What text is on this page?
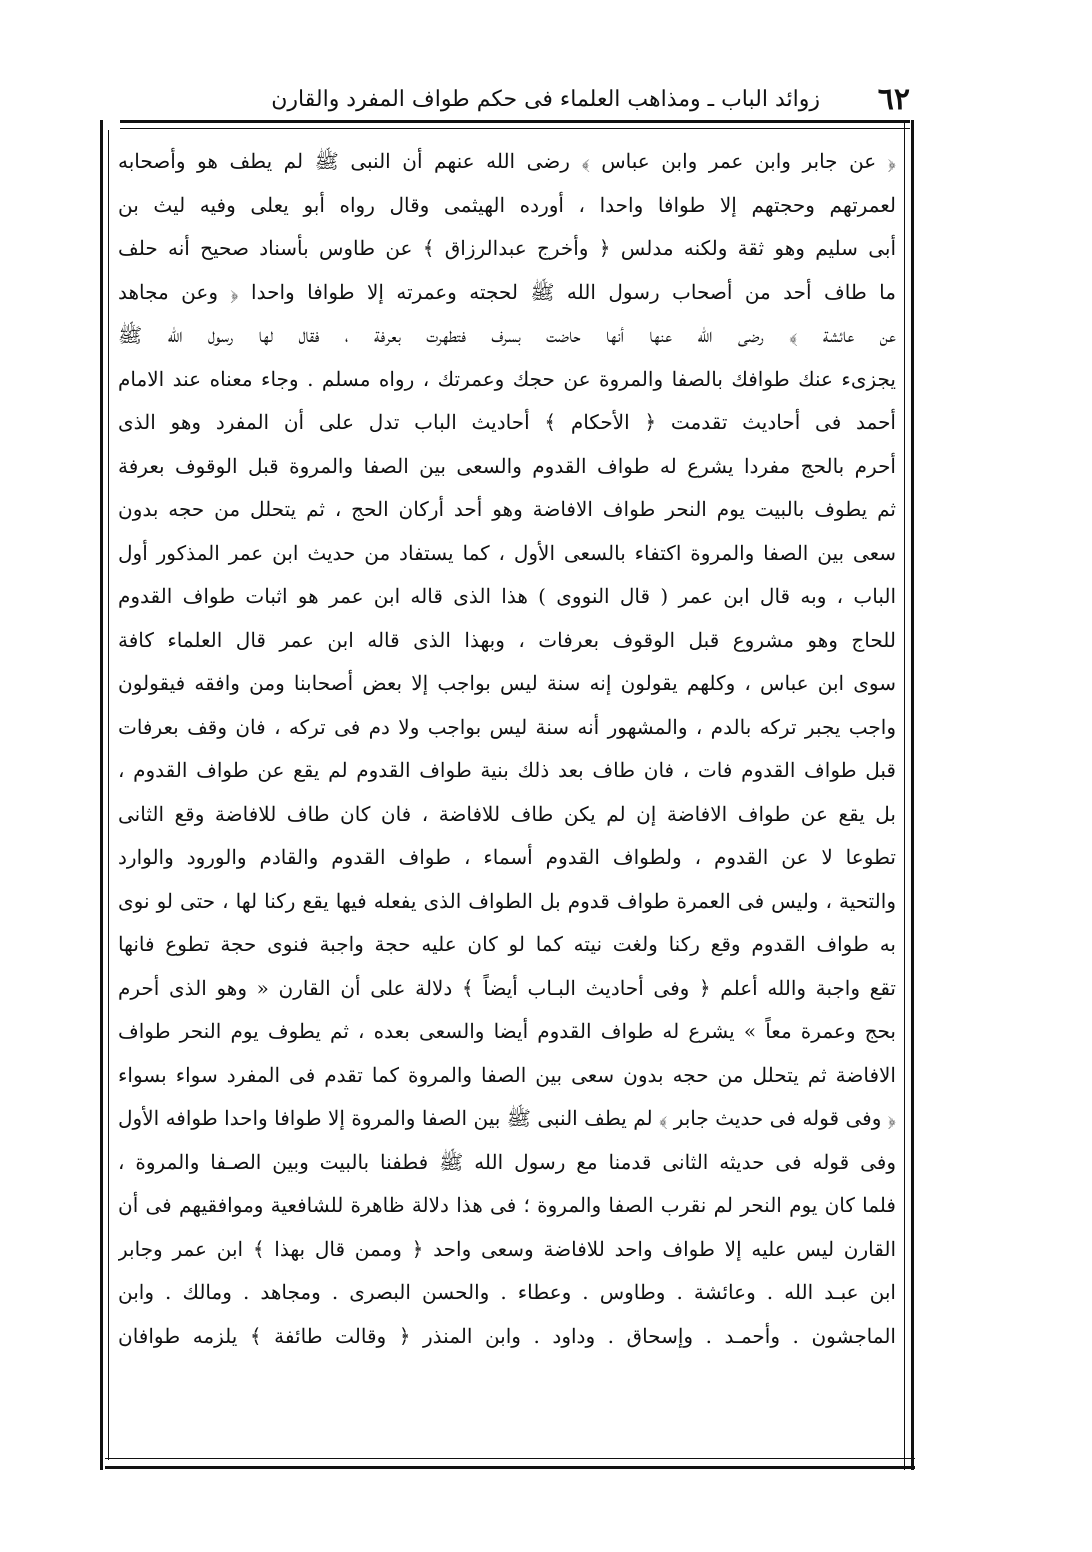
٦٢
زوائد الباب ـ ومذاهب العلماء فى حكم طواف المفرد والقارن
﴿ عن جابر وابن عمر وابن عباس ﴾ رضى الله عنهم أن النبى ﷺ لم يطف هو وأصحابه
لعمرتهم وحجتهم إلا طوافا واحدا ، أورده الهيثمى وقال رواه أبو يعلى وفيه ليث بن
أبى سليم وهو ثقة ولكنه مدلس ﴿ وأخرج عبدالرزاق ﴾ عن طاوس بأسناد صحيح أنه حلف
ما طاف أحد من أصحاب رسول الله ﷺ لحجته وعمرته إلا طوافا واحدا ﴿ وعن مجاهد
عن عائشة ﴾ رضى الله عنها أنها حاضت بسرف فتطهرت بعرفة ، فقال لها رسول الله ﷺ
يجزىء عنك طوافك بالصفا والمروة عن حجك وعمرتك ، رواه مسلم . وجاء معناه عند الامام
أحمد فى أحاديث تقدمت ﴿ الأحكام ﴾ أحاديث الباب تدل على أن المفرد وهو الذى
أحرم بالحج مفردا يشرع له طواف القدوم والسعى بين الصفا والمروة قبل الوقوف بعرفة
ثم يطوف بالبيت يوم النحر طواف الافاضة وهو أحد أركان الحج ، ثم يتحلل من حجه بدون
سعى بين الصفا والمروة اكتفاء بالسعى الأول ، كما يستفاد من حديث ابن عمر المذكور أول
الباب ، وبه قال ابن عمر ( قال النووى ) هذا الذى قاله ابن عمر هو اثبات طواف القدوم
للحاج وهو مشروع قبل الوقوف بعرفات ، وبهذا الذى قاله ابن عمر قال العلماء كافة
سوى ابن عباس ، وكلهم يقولون إنه سنة ليس بواجب إلا بعض أصحابنا ومن وافقه فيقولون
واجب يجبر تركه بالدم ، والمشهور أنه سنة ليس بواجب ولا دم فى تركه ، فان وقف بعرفات
قبل طواف القدوم فات ، فان طاف بعد ذلك بنية طواف القدوم لم يقع عن طواف القدوم ،
بل يقع عن طواف الافاضة إن لم يكن طاف للافاضة ، فان كان طاف للافاضة وقع الثانى
تطوعا لا عن القدوم ، ولطواف القدوم أسماء ، طواف القدوم والقادم والورود والوارد
والتحية ، وليس فى العمرة طواف قدوم بل الطواف الذى يفعله فيها يقع ركنا لها ، حتى لو نوى
به طواف القدوم وقع ركنا ولغت نيته كما لو كان عليه حجة واجبة فنوى حجة تطوع فانها
تقع واجبة والله أعلم ﴿ وفى أحاديث البـاب أيضاً ﴾ دلالة على أن القارن « وهو الذى أحرم
بحج وعمرة معاً » يشرع له طواف القدوم أيضا والسعى بعده ، ثم يطوف يوم النحر طواف
الافاضة ثم يتحلل من حجه بدون سعى بين الصفا والمروة كما تقدم فى المفرد سواء بسواء
﴿ وفى قوله فى حديث جابر ﴾ لم يطف النبى ﷺ بين الصفا والمروة إلا طوافا واحدا طوافه الأول
وفى قوله فى حديثه الثانى قدمنا مع رسول الله ﷺ فطفنا بالبيت وبين الصـفا والمروة ،
فلما كان يوم النحر لم نقرب الصفا والمروة ؛ فى هذا دلالة ظاهرة للشافعية وموافقيهم فى أن
القارن ليس عليه إلا طواف واحد للافاضة وسعى واحد ﴿ وممن قال بهذا ﴾ ابن عمر وجابر
ابن عبـد الله . وعائشة . وطاوس . وعطاء . والحسن البصرى . ومجاهد . ومالك . وابن
الماجشون . وأحمـد . وإسحاق . وداود . وابن المنذر ﴿ وقالت طائفة ﴾ يلزمه طوافان
